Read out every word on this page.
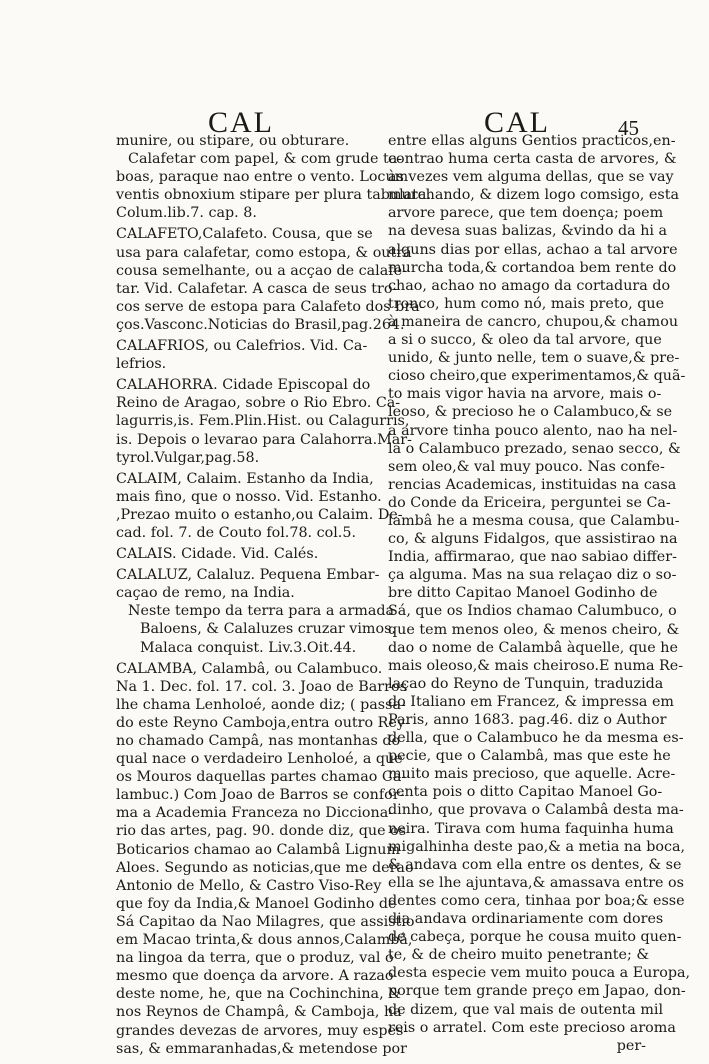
CAL	CAL	45
munire, ou stipare, ou obturare.
Calafetar com papel, & com grude ta-
boas, paraque nao entre o vento. Locum
ventis obnoxium stipare per plura tabulata.
Colum.lib.7. cap. 8.
CALAFETO,Calafeto. Cousa, que se
usa para calafetar, como estopa, & outra
cousa semelhante, ou a acçao de calafe-
tar. Vid. Calafetar. A casca de seus tro-
cos serve de estopa para Calafeto dos bra-
ços.Vasconc.Noticias do Brasil,pag.264.
CALAFRIOS, ou Calefrios. Vid. Ca-
lefrios.
CALAHORRA. Cidade Episcopal do
Reino de Aragao, sobre o Rio Ebro. Ca-
lagurris,is. Fem.Plin.Hist. ou Calagurris,
is. Depois o levarao para Calahorra.Mar-
tyrol.Vulgar,pag.58.
CALAIM, Calaim. Estanho da India,
mais fino, que o nosso. Vid. Estanho.
,Prezao muito o estanho,ou Calaim. De-
cad. fol. 7. de Couto fol.78. col.5.
CALAIS. Cidade. Vid. Calés.
CALALUZ, Calaluz. Pequena Embar-
caçao de remo, na India.
Neste tempo da terra para a armada
Baloens, & Calaluzes cruzar vimos.
Malaca conquist. Liv.3.Oit.44.
CALAMBA, Calambâ, ou Calambuco.
Na 1. Dec. fol. 17. col. 3. Joao de Barros
lhe chama Lenholoé, aonde diz; ( passa-
do este Reyno Camboja,entra outro Rey-
no chamado Campâ, nas montanhas do
qual nace o verdadeiro Lenholoé, a que
os Mouros daquellas partes chamao Ca-
lambuc.) Com Joao de Barros se confor-
ma a Academia Franceza no Dicciona-
rio das artes, pag. 90. donde diz, que os
Boticarios chamao ao Calambâ Lignum
Aloes. Segundo as noticias,que me derao
Antonio de Mello, & Castro Viso-Rey
que foy da India,& Manoel Godinho de
Sá Capitao da Nao Milagres, que assistio
em Macao trinta,& dous annos,Calambâ,
na lingoa da terra, que o produz, val o
mesmo que doença da arvore. A razao
deste nome, he, que na Cochinchina, &
nos Reynos de Champâ, & Camboja, ha
grandes devezas de arvores, muy espes-
sas, & emmaranhadas,& metendose por
entre ellas alguns Gentios practicos,en-
contrao huma certa casta de arvores, &
às vezes vem alguma dellas, que se vay
murchando, & dizem logo comsigo, esta
arvore parece, que tem doença; poem
na devesa suas balizas, &vindo da hi a
alguns dias por ellas, achao a tal arvore
murcha toda,& cortandoa bem rente do
chao, achao no amago da cortadura do
tronco, hum como nó, mais preto, que
à maneira de cancro, chupou,& chamou
a si o succo, & oleo da tal arvore, que
unido, & junto nelle, tem o suave,& pre-
cioso cheiro,que experimentamos,& quã-
to mais vigor havia na arvore, mais o-
leoso, & precioso he o Calambuco,& se
a arvore tinha pouco alento, nao ha nel-
la o Calambuco prezado, senao secco, &
sem oleo,& val muy pouco. Nas confe-
rencias Academicas, instituidas na casa
do Conde da Ericeira, perguntei se Ca-
lambâ he a mesma cousa, que Calambu-
co, & alguns Fidalgos, que assistirao na
India, affirmarao, que nao sabiao differ-
ça alguma. Mas na sua relaçao diz o so-
bre ditto Capitao Manoel Godinho de
Sá, que os Indios chamao Calumbuco, o
que tem menos oleo, & menos cheiro, &
dao o nome de Calambâ àquelle, que he
mais oleoso,& mais cheiroso.E numa Re-
laçao do Reyno de Tunquin, traduzida
do Italiano em Francez, & impressa em
Paris, anno 1683. pag.46. diz o Author
della, que o Calambuco he da mesma es-
pecie, que o Calambâ, mas que este he
muito mais precioso, que aquelle. Acre-
centa pois o ditto Capitao Manoel Go-
dinho, que provava o Calambâ desta ma-
neira. Tirava com huma faquinha huma
migalhinha deste pao,& a metia na boca,
& andava com ella entre os dentes, & se
ella se lhe ajuntava,& amassava entre os
dentes como cera, tinhaa por boa;& esse
dia andava ordinariamente com dores
de cabeça, porque he cousa muito quen-
te, & de cheiro muito penetrante; &
desta especie vem muito pouca a Europa,
porque tem grande preço em Japao, don-
de dizem, que val mais de outenta mil
reis o arratel. Com este precioso aroma
per-
